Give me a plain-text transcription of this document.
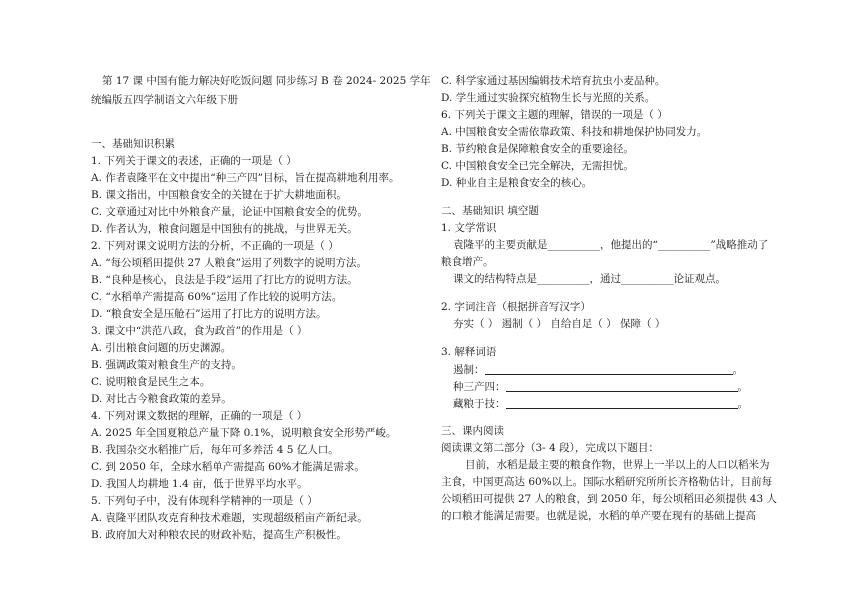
第 17 课 中国有能力解决好吃饭问题 同步练习 B 卷 2024- 2025 学年
统编版五四学制语文六年级下册
一、基础知识积累
1. 下列关于课文的表述，正确的一项是（ ）
A. 作者袁隆平在文中提出“种三产四”目标，旨在提高耕地利用率。
B. 课文指出，中国粮食安全的关键在于扩大耕地面积。
C. 文章通过对比中外粮食产量，论证中国粮食安全的优势。
D. 作者认为，粮食问题是中国独有的挑战，与世界无关。
2. 下列对课文说明方法的分析，不正确的一项是（ ）
A. “每公顷稻田提供 27 人粮食”运用了列数字的说明方法。
B. “良种是核心，良法是手段”运用了打比方的说明方法。
C. “水稻单产需提高 60%”运用了作比较的说明方法。
D. “粮食安全是压舱石”运用了打比方的说明方法。
3. 课文中“洪范八政，食为政首”的作用是（ ）
A. 引出粮食问题的历史渊源。
B. 强调政策对粮食生产的支持。
C. 说明粮食是民生之本。
D. 对比古今粮食政策的差异。
4. 下列对课文数据的理解，正确的一项是（ ）
A. 2025 年全国夏粮总产量下降 0.1%，说明粮食安全形势严峻。
B. 我国杂交水稻推广后，每年可多养活 4 5 亿人口。
C. 到 2050 年，全球水稻单产需提高 60%才能满足需求。
D. 我国人均耕地 1.4 亩，低于世界平均水平。
5. 下列句子中，没有体现科学精神的一项是（ ）
A. 袁隆平团队攻克育种技术难题，实现超级稻亩产新纪录。
B. 政府加大对种粮农民的财政补贴，提高生产积极性。
C. 科学家通过基因编辑技术培育抗虫小麦品种。
D. 学生通过实验探究植物生长与光照的关系。
6. 下列关于课文主题的理解，错误的一项是（ ）
A. 中国粮食安全需依靠政策、科技和耕地保护协同发力。
B. 节约粮食是保障粮食安全的重要途径。
C. 中国粮食安全已完全解决，无需担忧。
D. 种业自主是粮食安全的核心。
二、基础知识 填空题
1. 文学常识
袁隆平的主要贡献是__________，他提出的“__________”战略推动了
粮食增产。
课文的结构特点是__________，通过__________论证观点。
2. 字词注音（根据拼音写汉字）
夯实（ ） 遏制（ ） 自给自足（ ） 保障（ ）
3. 解释词语
遏制：	。
种三产四：	。
藏粮于技：	。
三、课内阅读
阅读课文第二部分（3- 4 段），完成以下题目：
目前，水稻是最主要的粮食作物，世界上一半以上的人口以稻米为
主食，中国更高达 60%以上。国际水稻研究所所长齐格勒估计，目前每
公顷稻田可提供 27 人的粮食，到 2050 年，每公顷稻田必须提供 43 人
的口粮才能满足需要。也就是说，水稻的单产要在现有的基础上提高
